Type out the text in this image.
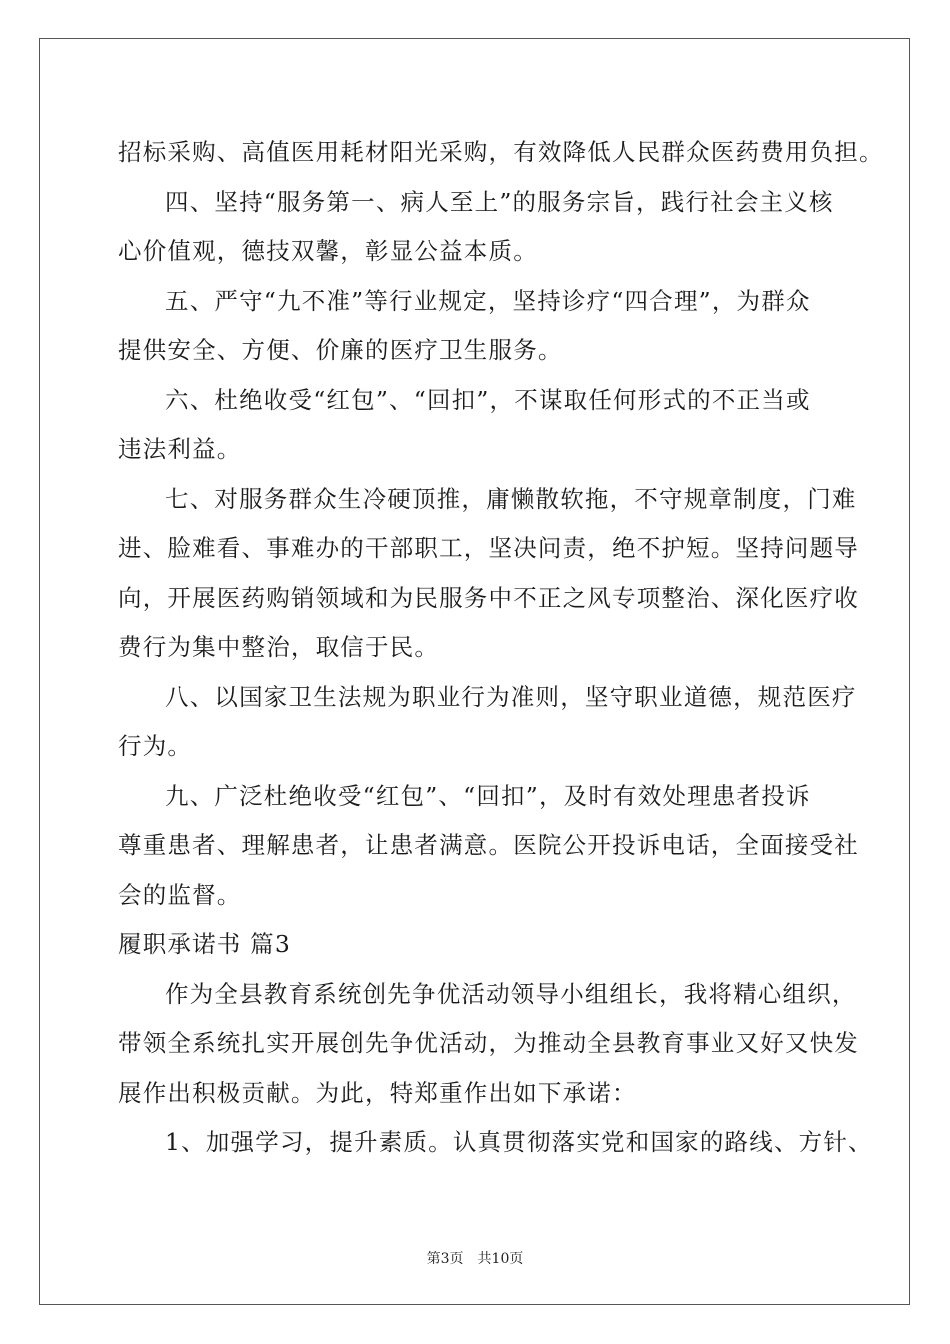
招标采购、高值医用耗材阳光采购，有效降低人民群众医药费用负担。
四、坚持“服务第一、病人至上”的服务宗旨，践行社会主义核
心价值观，德技双馨，彰显公益本质。
五、严守“九不准”等行业规定，坚持诊疗“四合理”，为群众
提供安全、方便、价廉的医疗卫生服务。
六、杜绝收受“红包”、“回扣”，不谋取任何形式的不正当或
违法利益。
七、对服务群众生冷硬顶推，庸懒散软拖，不守规章制度，门难
进、脸难看、事难办的干部职工，坚决问责，绝不护短。坚持问题导
向，开展医药购销领域和为民服务中不正之风专项整治、深化医疗收
费行为集中整治，取信于民。
八、以国家卫生法规为职业行为准则，坚守职业道德，规范医疗
行为。
九、广泛杜绝收受“红包”、“回扣”，及时有效处理患者投诉
尊重患者、理解患者，让患者满意。医院公开投诉电话，全面接受社
会的监督。
履职承诺书 篇3
作为全县教育系统创先争优活动领导小组组长，我将精心组织，
带领全系统扎实开展创先争优活动，为推动全县教育事业又好又快发
展作出积极贡献。为此，特郑重作出如下承诺：
1、加强学习，提升素质。认真贯彻落实党和国家的路线、方针、
第3页 共10页
